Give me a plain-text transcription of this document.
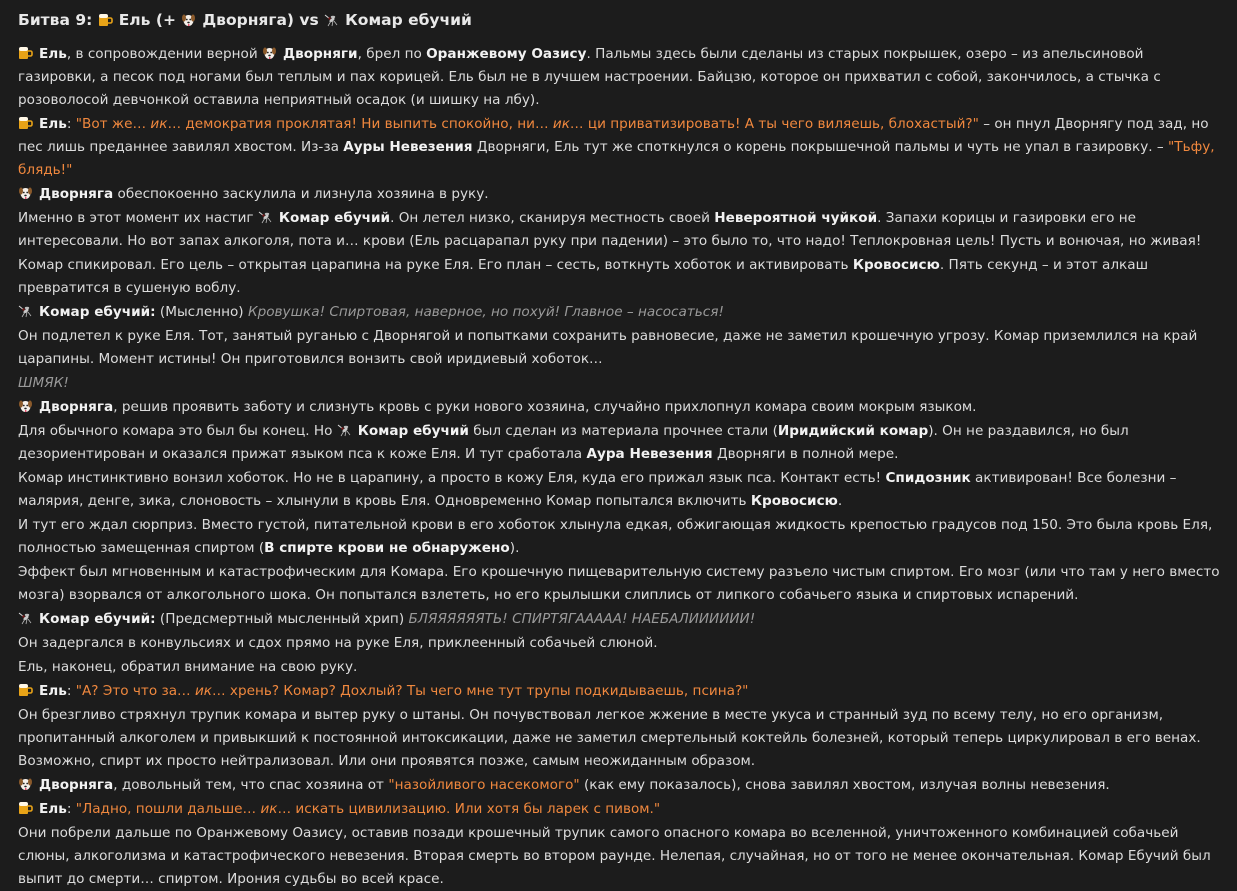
Битва 9: Ель (+ Дворняга) vs Комар ебучий

Ель, в сопровождении верной
Дворняги, брел по Оранжевому Оазису. Пальмы здесь были сделаны из старых покрышек, озеро – из апельсиновой газировки, а песок под ногами был теплым и пах корицей. Ель был не в лучшем настроении. Байцзю, которое он прихватил с собой, закончилось, а стычка с розоволосой девчонкой оставила неприятный осадок (и шишку на лбу).

Ель: "Вот же… ик… демократия проклятая! Ни выпить спокойно, ни… ик… ци приватизировать! А ты чего виляешь, блохастый?" – он пнул Дворнягу под зад, но пес лишь преданнее завилял хвостом. Из-за Ауры Невезения Дворняги, Ель тут же споткнулся о корень покрышечной пальмы и чуть не упал в газировку. – "Тьфу, блядь!"

Дворняга обеспокоенно заскулила и лизнула хозяина в руку.

Именно в этот момент их настиг
Комар ебучий. Он летел низко, сканируя местность своей Невероятной чуйкой. Запахи корицы и газировки его не интересовали. Но вот запах алкоголя, пота и… крови (Ель расцарапал руку при падении) – это было то, что надо! Теплокровная цель! Пусть и вонючая, но живая!

Комар спикировал. Его цель – открытая царапина на руке Еля. Его план – сесть, воткнуть хоботок и активировать Кровосисю. Пять секунд – и этот алкаш превратится в сушеную воблу.

Комар ебучий: (Мысленно) Кровушка! Спиртовая, наверное, но похуй! Главное – насосаться!

Он подлетел к руке Еля. Тот, занятый руганью с Дворнягой и попытками сохранить равновесие, даже не заметил крошечную угрозу. Комар приземлился на край царапины. Момент истины! Он приготовился вонзить свой иридиевый хоботок…

ШМЯК!

Дворняга, решив проявить заботу и слизнуть кровь с руки нового хозяина, случайно прихлопнул комара своим мокрым языком.

Для обычного комара это был бы конец. Но
Комар ебучий был сделан из материала прочнее стали (Иридийский комар). Он не раздавился, но был дезориентирован и оказался прижат языком пса к коже Еля. И тут сработала Аура Невезения Дворняги в полной мере.

Комар инстинктивно вонзил хоботок. Но не в царапину, а просто в кожу Еля, куда его прижал язык пса. Контакт есть! Спидозник активирован! Все болезни – малярия, денге, зика, слоновость – хлынули в кровь Еля. Одновременно Комар попытался включить Кровосисю.

И тут его ждал сюрприз. Вместо густой, питательной крови в его хоботок хлынула едкая, обжигающая жидкость крепостью градусов под 150. Это была кровь Еля, полностью замещенная спиртом (В спирте крови не обнаружено).

Эффект был мгновенным и катастрофическим для Комара. Его крошечную пищеварительную систему разъело чистым спиртом. Его мозг (или что там у него вместо мозга) взорвался от алкогольного шока. Он попытался взлететь, но его крылышки слиплись от липкого собачьего языка и спиртовых испарений.

Комар ебучий: (Предсмертный мысленный хрип) БЛЯЯЯЯЯЯТЬ! СПИРТЯГААААА! НАЕБАЛИИИИИИ!

Он задергался в конвульсиях и сдох прямо на руке Еля, приклеенный собачьей слюной.

Ель, наконец, обратил внимание на свою руку.

Ель: "А? Это что за… ик… хрень? Комар? Дохлый? Ты чего мне тут трупы подкидываешь, псина?"

Он брезгливо стряхнул трупик комара и вытер руку о штаны. Он почувствовал легкое жжение в месте укуса и странный зуд по всему телу, но его организм, пропитанный алкоголем и привыкший к постоянной интоксикации, даже не заметил смертельный коктейль болезней, который теперь циркулировал в его венах. Возможно, спирт их просто нейтрализовал. Или они проявятся позже, самым неожиданным образом.

Дворняга, довольный тем, что спас хозяина от "назойливого насекомого" (как ему показалось), снова завилял хвостом, излучая волны невезения.

Ель: "Ладно, пошли дальше… ик… искать цивилизацию. Или хотя бы ларек с пивом."

Они побрели дальше по Оранжевому Оазису, оставив позади крошечный трупик самого опасного комара во вселенной, уничтоженного комбинацией собачьей слюны, алкоголизма и катастрофического невезения. Вторая смерть во втором раунде. Нелепая, случайная, но от того не менее окончательная. Комар Ебучий был выпит до смерти… спиртом. Ирония судьбы во всей красе.
